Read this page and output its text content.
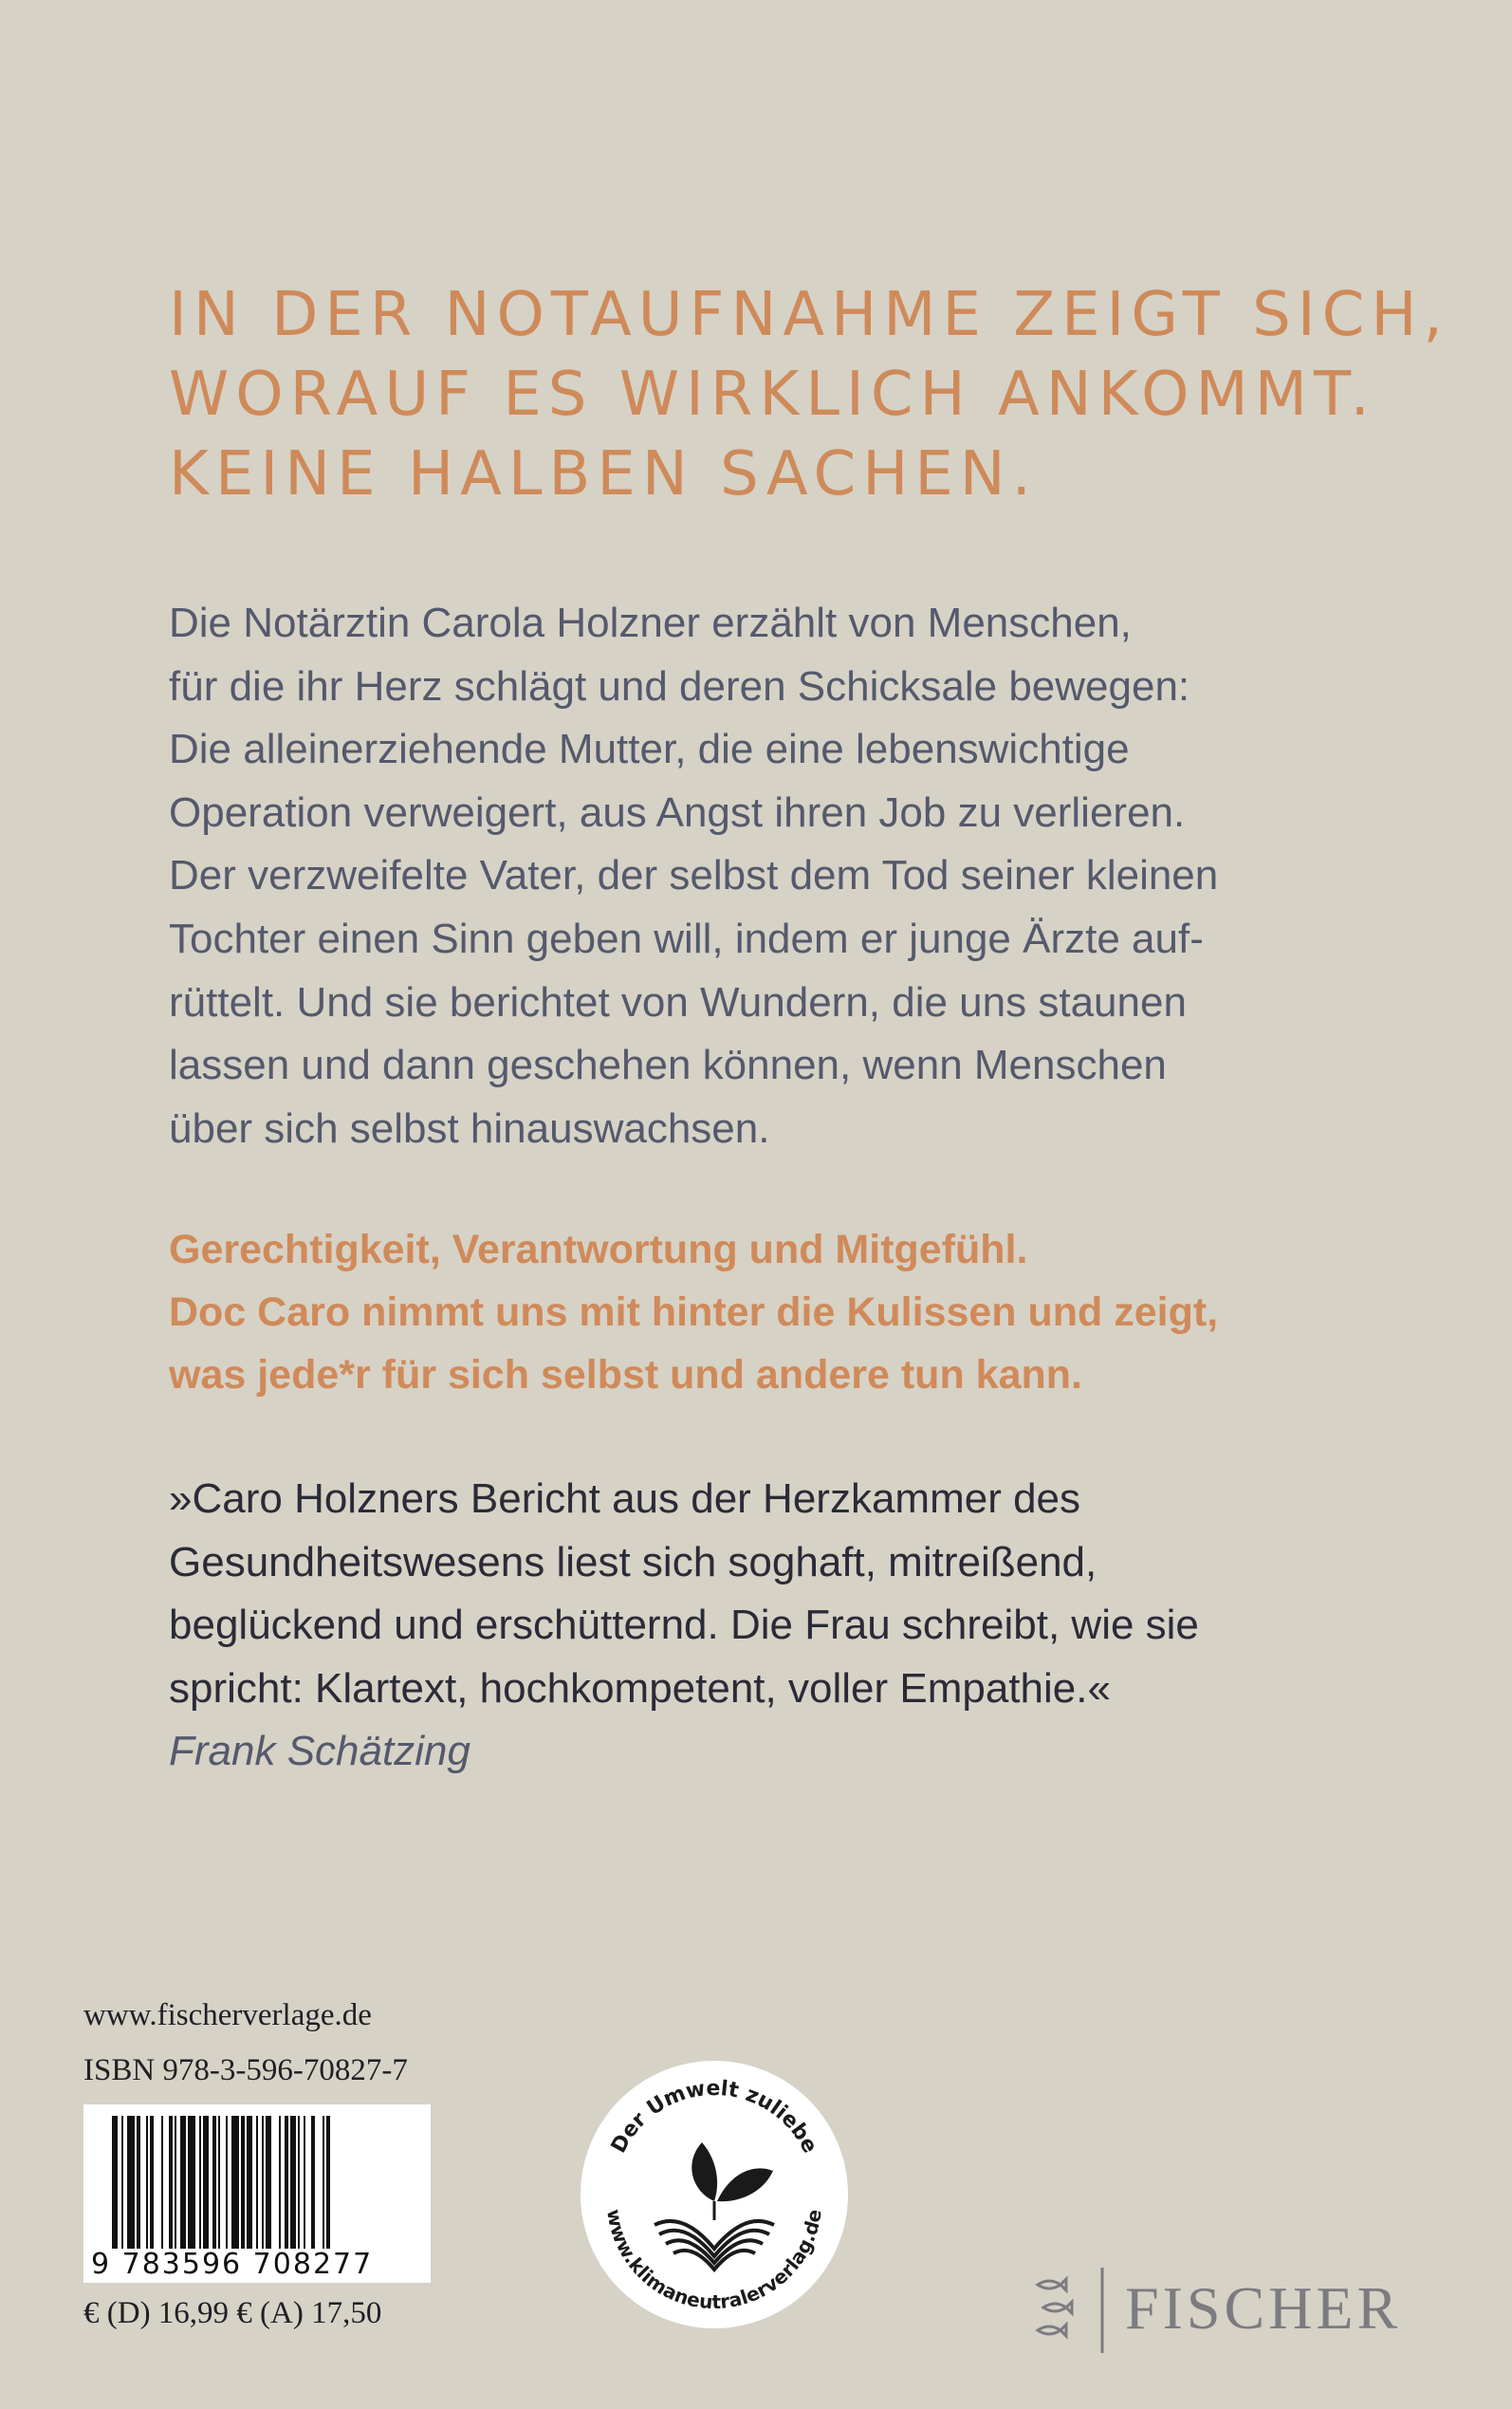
IN DER NOTAUFNAHME ZEIGT SICH,
WORAUF ES WIRKLICH ANKOMMT.
KEINE HALBEN SACHEN.

Die Notärztin Carola Holzner erzählt von Menschen,
für die ihr Herz schlägt und deren Schicksale bewegen:
Die alleinerziehende Mutter, die eine lebenswichtige
Operation verweigert, aus Angst ihren Job zu verlieren.
Der verzweifelte Vater, der selbst dem Tod seiner kleinen
Tochter einen Sinn geben will, indem er junge Ärzte auf-
rüttelt. Und sie berichtet von Wundern, die uns staunen
lassen und dann geschehen können, wenn Menschen
über sich selbst hinauswachsen.

Gerechtigkeit, Verantwortung und Mitgefühl.
Doc Caro nimmt uns mit hinter die Kulissen und zeigt,
was jede*r für sich selbst und andere tun kann.

»Caro Holzners Bericht aus der Herzkammer des
Gesundheitswesens liest sich soghaft, mitreißend,
beglückend und erschütternd. Die Frau schreibt, wie sie
spricht: Klartext, hochkompetent, voller Empathie.«
Frank Schätzing

www.fischerverlage.de
ISBN 978-3-596-70827-7
9 783596 708277
€ (D) 16,99 € (A) 17,50
Der Umwelt zuliebe
www.klimaneutralerverlag.de
FISCHER
